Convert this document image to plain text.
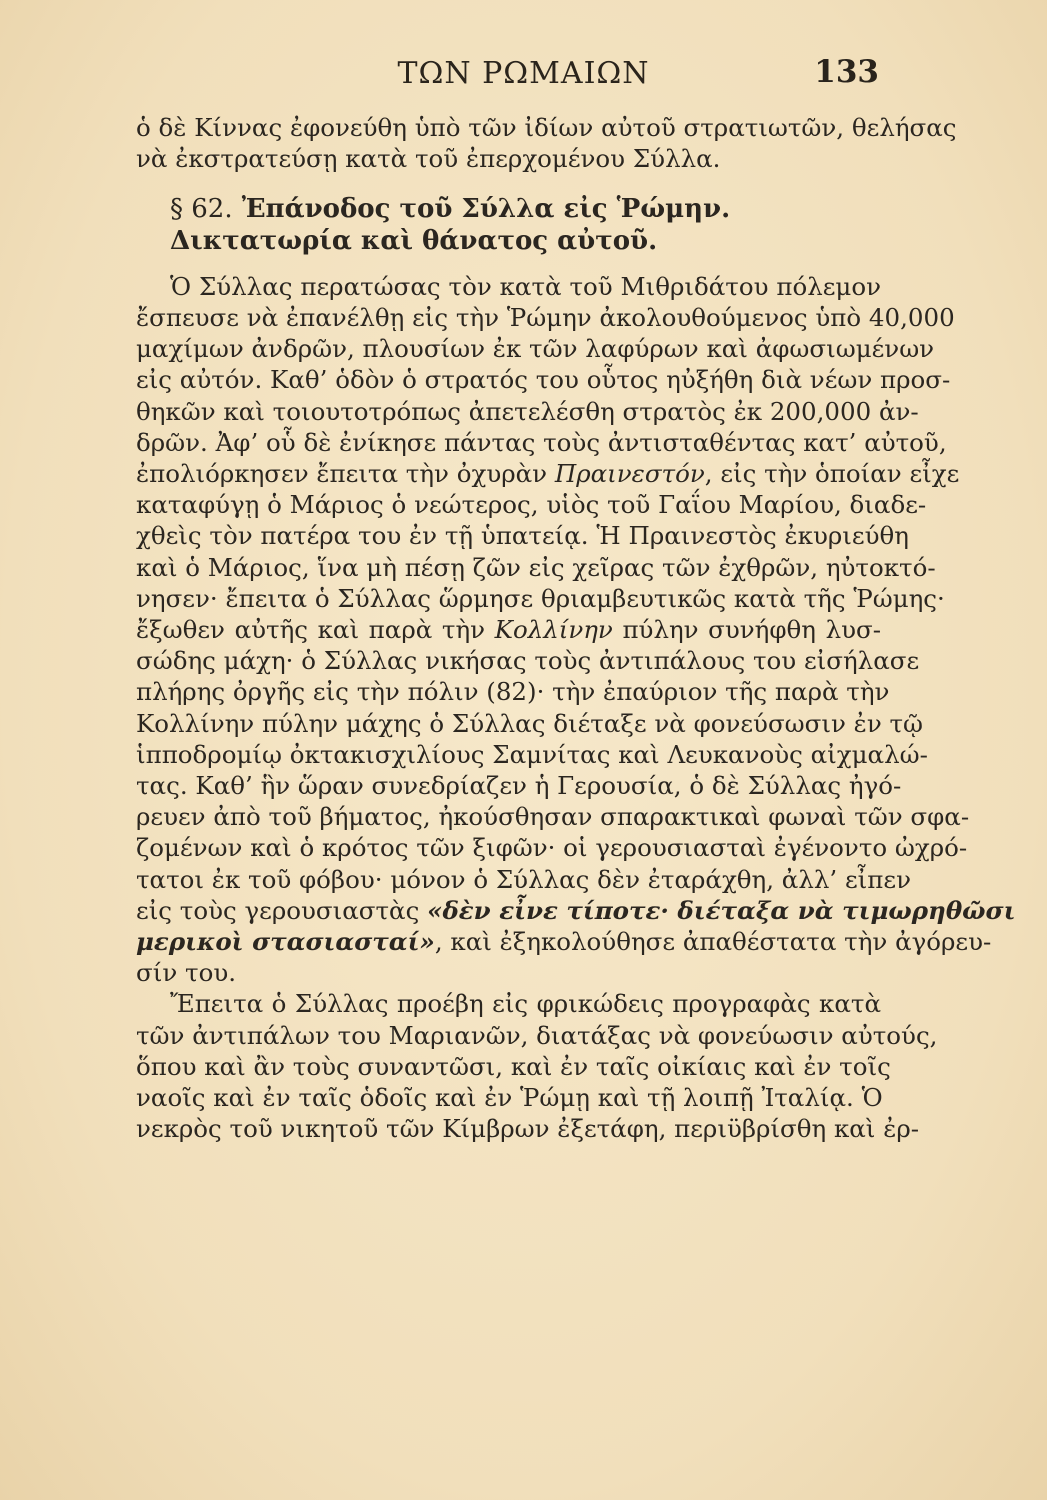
ΤΩΝ ΡΩΜΑΙΩΝ	133
ὁ δὲ Κίννας ἐφονεύθη ὑπὸ τῶν ἰδίων αὐτοῦ στρατιωτῶν, θελήσας
νὰ ἐκστρατεύσῃ κατὰ τοῦ ἐπερχομένου Σύλλα.
§ 62. Ἐπάνοδος τοῦ Σύλλα εἰς Ῥώμην.
Δικτατωρία καὶ θάνατος αὐτοῦ.
Ὁ Σύλλας περατώσας τὸν κατὰ τοῦ Μιθριδάτου πόλεμον
ἔσπευσε νὰ ἐπανέλθῃ εἰς τὴν Ῥώμην ἀκολουθούμενος ὑπὸ 40,000
μαχίμων ἀνδρῶν, πλουσίων ἐκ τῶν λαφύρων καὶ ἀφωσιωμένων
εἰς αὐτόν. Καθ’ ὁδὸν ὁ στρατός του οὗτος ηὐξήθη διὰ νέων προσ-
θηκῶν καὶ τοιουτοτρόπως ἀπετελέσθη στρατὸς ἐκ 200,000 ἀν-
δρῶν. Ἀφ’ οὗ δὲ ἐνίκησε πάντας τοὺς ἀντισταθέντας κατ’ αὐτοῦ,
ἐπολιόρκησεν ἔπειτα τὴν ὀχυρὰν Πραινεστόν, εἰς τὴν ὁποίαν εἶχε
καταφύγῃ ὁ Μάριος ὁ νεώτερος, υἱὸς τοῦ Γαΐου Μαρίου, διαδε-
χθεὶς τὸν πατέρα του ἐν τῇ ὑπατείᾳ. Ἡ Πραινεστὸς ἐκυριεύθη
καὶ ὁ Μάριος, ἵνα μὴ πέσῃ ζῶν εἰς χεῖρας τῶν ἐχθρῶν, ηὐτοκτό-
νησεν· ἔπειτα ὁ Σύλλας ὥρμησε θριαμβευτικῶς κατὰ τῆς Ῥώμης·
ἔξωθεν αὐτῆς καὶ παρὰ τὴν Κολλίνην πύλην συνήφθη λυσ-
σώδης μάχη· ὁ Σύλλας νικήσας τοὺς ἀντιπάλους του εἰσήλασε
πλήρης ὀργῆς εἰς τὴν πόλιν (82)· τὴν ἐπαύριον τῆς παρὰ τὴν
Κολλίνην πύλην μάχης ὁ Σύλλας διέταξε νὰ φονεύσωσιν ἐν τῷ
ἱπποδρομίῳ ὀκτακισχιλίους Σαμνίτας καὶ Λευκανοὺς αἰχμαλώ-
τας. Καθ’ ἣν ὥραν συνεδρίαζεν ἡ Γερουσία, ὁ δὲ Σύλλας ἠγό-
ρευεν ἀπὸ τοῦ βήματος, ἠκούσθησαν σπαρακτικαὶ φωναὶ τῶν σφα-
ζομένων καὶ ὁ κρότος τῶν ξιφῶν· οἱ γερουσιασταὶ ἐγένοντο ὠχρό-
τατοι ἐκ τοῦ φόβου· μόνον ὁ Σύλλας δὲν ἐταράχθη, ἀλλ’ εἶπεν
εἰς τοὺς γερουσιαστὰς «δὲν εἶνε τίποτε· διέταξα νὰ τιμωρηθῶσι
μερικοὶ στασιασταί», καὶ ἐξηκολούθησε ἀπαθέστατα τὴν ἀγόρευ-
σίν του.
Ἔπειτα ὁ Σύλλας προέβη εἰς φρικώδεις προγραφὰς κατὰ
τῶν ἀντιπάλων του Μαριανῶν, διατάξας νὰ φονεύωσιν αὐτούς,
ὅπου καὶ ἂν τοὺς συναντῶσι, καὶ ἐν ταῖς οἰκίαις καὶ ἐν τοῖς
ναοῖς καὶ ἐν ταῖς ὁδοῖς καὶ ἐν Ῥώμῃ καὶ τῇ λοιπῇ Ἰταλίᾳ. Ὁ
νεκρὸς τοῦ νικητοῦ τῶν Κίμβρων ἐξετάφη, περιϋβρίσθη καὶ ἐρ-
